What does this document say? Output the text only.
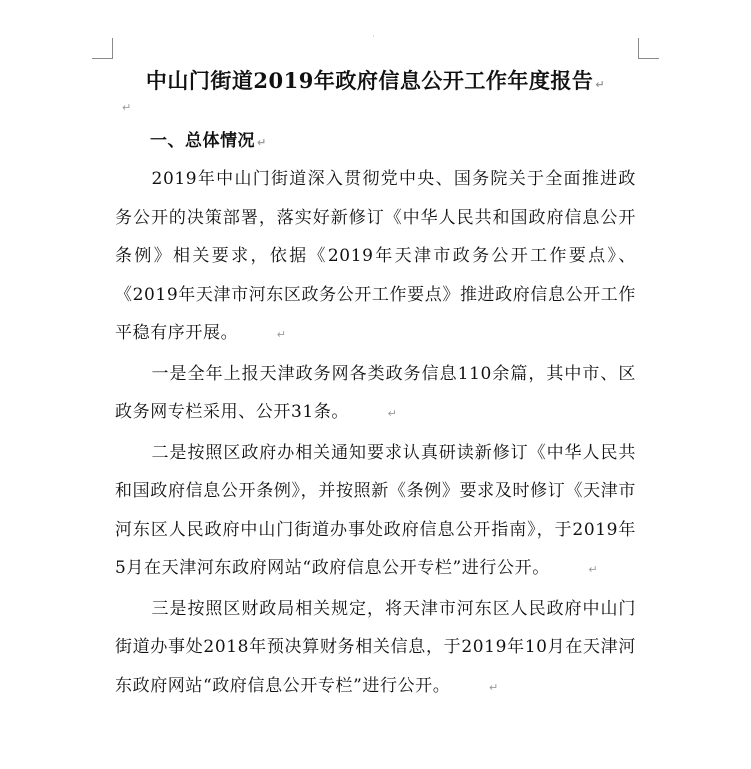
⸼
中山门街道2019年政府信息公开工作年度报告 ↵
↵
一、总体情况 ↵

2019年中山门街道深入贯彻党中央、国务院关于全面推进政务公开的决策部署，落实好新修订《中华人民共和国政府信息公开条例》相关要求，依据《2019年天津市政务公开工作要点》、《2019年天津市河东区政务公开工作要点》推进政府信息公开工作平稳有序开展。	↵

一是全年上报天津政务网各类政务信息110余篇，其中市、区政务网专栏采用、公开31条。	↵

二是按照区政府办相关通知要求认真研读新修订《中华人民共和国政府信息公开条例》，并按照新《条例》要求及时修订《天津市河东区人民政府中山门街道办事处政府信息公开指南》，于2019年5月在天津河东政府网站“政府信息公开专栏”进行公开。	↵

三是按照区财政局相关规定，将天津市河东区人民政府中山门街道办事处2018年预决算财务相关信息，于2019年10月在天津河东政府网站“政府信息公开专栏”进行公开。	↵
